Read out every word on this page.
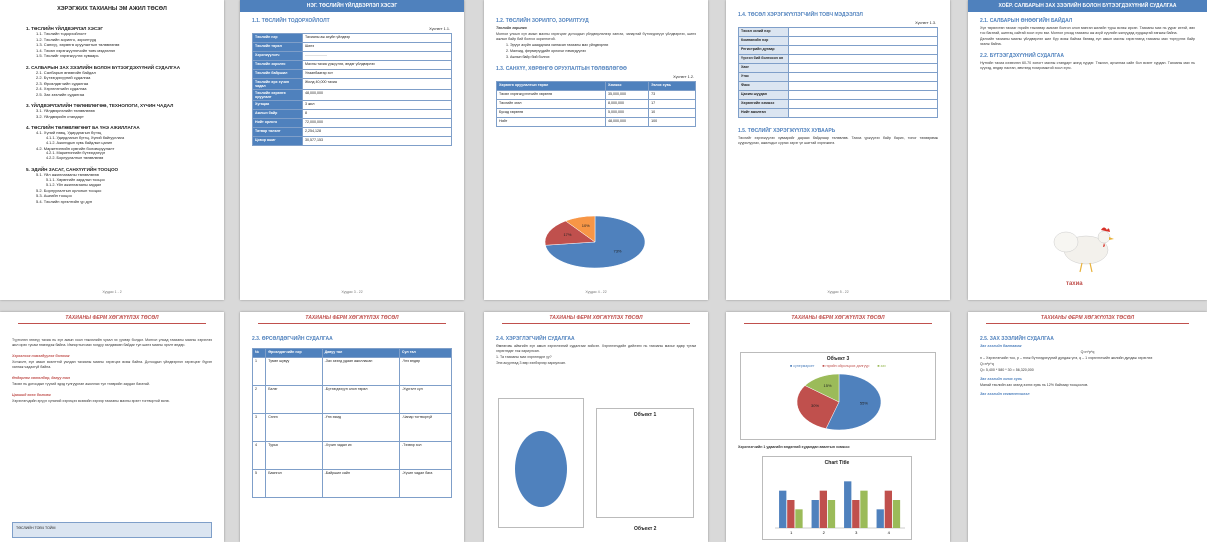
ХЭРЭГЖИХ ТАХИАНЫ ЭМ АЖИЛ ТӨСӨЛ
1. ТӨСЛИЙН ҮЙЛДВЭРЛЭЛ ХЭСЭГ
1.1. Төслийн тодорхойлолт
1.2. Төслийн зорилго, зорилтууд
1.3. Санхүү, хөрөнгө оруулалтын төлөвлөгөө
1.4. Төсөл хэрэгжүүлэгчийн товч мэдээлэл
1.5. Төслийг хэрэгжүүлэх хуваарь
2. САЛБАРЫН ЗАХ ЗЭЭЛИЙН БОЛОН БҮТЭЭГДЭХҮҮНИЙ СУДАЛГАА
2.1. Салбарын өнөөгийн байдал
2.2. Бүтээгдэхүүний судалгаа
2.3. Өрсөлдөгчийн судалгаа
2.4. Хэрэглэгчийн судалгаа
2.5. Зах зээлийн судалгаа
3. ҮЙЛДВЭРЛЭЛИЙН ТӨЛӨВЛӨГӨӨ, ТЕХНОЛОГИ, ХҮЧИН ЧАДАЛ
3.1. Үйлдвэрлэлийн төлөвлөгөө
3.2. Үйлдвэрийн стандарт
4. ТӨСЛИЙН ТӨЛӨВЛӨГӨӨТ БА ҮНЭ АЖИЛЛАГАА
4.1. Хүний нөөц, Удирдлагын бүтэц
4.1.1. Удирдлагын бүтэц, Хүний байгууллага
4.1.2. Ажилчдын хувь байдлын цалин
4.2. Маркетингийн сувгийн боловсруулалт
4.2.1. Маркетингийн бүтээгдэхүүн
4.2.2. Борлуулалтын төлөвлөгөө
5. ЭДИЙН ЗАСАГ, САНХҮҮГИЙН ТООЦОО
5.1. Үйл ажиллагааны төлөвлөгөө
5.1.1. Хөрөнгийн зардлын тооцоо
5.1.2. Үйл ажиллагааны зардал
5.2. Борлуулалтын орлогын тооцоо
5.3. Ашгийн тооцоо
5.4. Төслийн эргэлтийн үр дүн
Хуудас 1 - 2
НЭГ. ТӨСЛИЙН ҮЙЛДВЭРЛЭЛ ХЭСЭГ
1.1. ТӨСЛИЙН ТОДОРХОЙЛОЛТ
Хүснэгт 1.1.
Төслийн нэр	Тахианы аж ахуйн үйлдвэр
Төслийн төрөл	Шинэ
Хэрэгжүүлэгч	......................
Төслийн зорилго	Махны тахиа үржүүлэх, өндөг үйлдвэрлэх
Төслийн байршил	Улаанбаатар хот
Төслийн өрх хүчин чадал	Жилд 40,000 тахиа
Төслийн хөрөнгө оруулалт	48,000,000
Хугацаа	3 жил
Ажлын байр	8
Нийт орлого	72,000,000
Татвар төлөлт	2,254,128
Цэвэр ашиг	30,577,153
Хуудас 3 - 22
1.2. ТӨСЛИЙН ЗОРИЛГО, ЗОРИЛТУУД
Төслийн зорилго
Монгол улсын хүн амын махны хэрэгцээг дотоодын үйлдвэрлэлээр хангах, чанартай бүтээгдэхүүн үйлдвэрлэх, шинэ ажлын байр бий болгох зорилготой.
1. Эрүүл ахуйн шаардлага хангасан тахианы мах үйлдвэрлэх
2. Малчид, фермерүүдийн орлогыг нэмэгдүүлэх
3. Ажлын байр бий болгох
1.3. САНХҮҮ, ХӨРӨНГӨ ОРУУЛАЛТЫН ТӨЛӨВЛӨГӨӨ
Хүснэгт 1.2.
Хөрөнгө оруулалтын төрөл	Хэмжээ	Эзлэх хувь
Төсөл хэрэгжүүлэгчийн хөрөнгө	35,000,000	73
Төслийн зээл	8,000,000	17
Бусад хөрөнгө	5,000,000	10
Нийт	48,000,000	100
73%
17%
10%
Хуудас 4 - 22
1.4. ТӨСӨЛ ХЭРЭГЖҮҮЛЭГЧИЙН ТОВЧ МЭДЭЭЛЭЛ
Хүснэгт 1.3.
Төсөл эзний нэр	
Компанийн нэр	
Регистрийн дугаар	
Үүсгэн бий болгосон он	
Хаяг	
Утас	
Факс	
Цахим шуудан	
Хөрөнгийн хэмжээ	
Нийт ажилтан	
1.5. ТӨСЛИЙГ ХЭРЭГЖҮҮЛЭХ ХУВААРЬ
Төслийг хэрэгжүүлэх хуваарийг дараах байдлаар төлөвлөв. Тахиа үржүүлэх байр барих, тоног төхөөрөмж суурилуулах, ажилчдыг сургах зэрэг үе шаттай хэрэгжинэ.
Хуудас 5 - 22
ХОЁР. САЛБАРЫН ЗАХ ЗЭЭЛИЙН БОЛОН БҮТЭЭГДЭХҮҮНИЙ СУДАЛГАА
2.1. САЛБАРЫН ӨНӨӨГИЙН БАЙДАЛ
Хүн төрөлхтөн тахиаг гэрийн тэжээвэр амьтан болгон олон мянган жилийн турш өсгөж ирсэн. Тахианы мах нь уураг ихтэй, өөх тос багатай, шингэц сайтай хоол хүнс юм. Монгол улсад тахианы аж ахуй сүүлийн жилүүдэд хурдацтай хөгжиж байна.
Дэлхийн тахианы махны үйлдвэрлэл жил бүр өсөж байгаа бөгөөд хүн амын махны хэрэглээнд тахианы мах тэргүүлэх байр эзэлж байна.
2.2. БҮТЭЭГДЭХҮҮНИЙ СУДАЛГАА
Нутгийн тахиа ихэвчлэн 60-70 хоногт махны стандарт жинд хүрдэг. Тэжээл, арчилгаа сайн бол өсөлт хурдан. Тахианы мах нь хүүхэд, өндөр настан, өвчтөнд тохиромжтой хоол хүнс.
тахиа
ТАХИАНЫ ФЕРМ ХӨГЖҮҮЛЭХ ТӨСӨЛ
Түүнчлэн энэхүү тахиа нь хүн амын хоол тэжээлийн чухал эх үүсвэр болдог. Монгол улсад тахианы махны хэрэглээ жил ирэх тусам нэмэгдэж байна. Импортын мах голдуу хөлдөөсөн байдаг тул шинэ махны эрэлт өндөр.
Хэрэглээг нэмэгдүүлэх боломж
Хотжилт, хүн амын өсөлттэй уялдан тахианы махны хэрэгцээ өсөж байна. Дотоодын үйлдвэрлэл хэрэгцээг бүрэн хангаж чадахгүй байна.
Өндөрлөг хөтөлбөр, давуу тал
Төсөл нь дотоодын түүхий эдэд тулгуурлан ажиллах тул тээврийн зардал багатай.
Цаашид өсөх боломж
Хэрэглэгчдийн эрүүл хүнсний хэрэгцээ өсөхийн хэрээр тахианы махны эрэлт тогтвортой өснө.
ТӨСЛИЙН ТОВЧ ТОЙМ
ТАХИАНЫ ФЕРМ ХӨГЖҮҮЛЭХ ТӨСӨЛ
2.3. ӨРСӨЛДӨГЧИЙН СУДАЛГАА
№	Өрсөлдөгчийн нэр	Давуу тал	Сул тал
1	Тумэн шувуу	-Зах зээлд удаан ажилласан	-Үнэ өндөр
2	Бэлэг	-Бүтээгдэхүүн олон төрөл	-Хүргэлт сул
3	Сэнгэ	-Үнэ хямд	-Чанар тогтворгүй
4	Турья	-Хүчин чадал их	-Тээвэр хол
5	Баянгол	-Байршил сайн	-Хүчин чадал бага
ТАХИАНЫ ФЕРМ ХӨГЖҮҮЛЭХ ТӨСӨЛ
2.4. ХЭРЭГЛЭГЧИЙН СУДАЛГАА
Өмнөговь аймгийн хүн амын хэрэглээний судалгааг хийсэн. Хэрэглэгчдийн дийлэнх нь тахианы махыг өдөр тутам хэрэглэдэг гэж хариулсан.
1. Та тахианы мах хэрэглэдэг үү?
Энэ асуултад 3 өөр хэлбэрээр хариулсан.
Объект 1
Объект 2
ТАХИАНЫ ФЕРМ ХӨГЖҮҮЛЭХ ТӨСӨЛ
Объект 3
■ супермаркет ■ гэрийн ойролцоох дэлгүүр ■ зах
55%
30%
15%
Хэрэглэгчийн 1 удаагийн өндөгний худалдан авалтын хэмжээ:
Chart Title
1	2	3	4
ТАХИАНЫ ФЕРМ ХӨГЖҮҮЛЭХ ТӨСӨЛ
2.5. ЗАХ ЗЭЭЛИЙН СУДАЛГАА
Зах зээлийн багтаамж
Q=n*p*q
n – Хэрэглэгчийн тоо, p – нэгж бүтээгдэхүүний дундаж үнэ, q – 1 хэрэглэгчийн жилийн дундаж хэрэглээ
Q=n*p*q
Q= 5,400 * 580 * 30 = 56,320,000
Зах зээлийн эзлэх хувь
Манай төслийн зах зээлд эзлэх хувь нь 12% байхаар тооцоолов.
Зах зээлийн сегментчилэл
